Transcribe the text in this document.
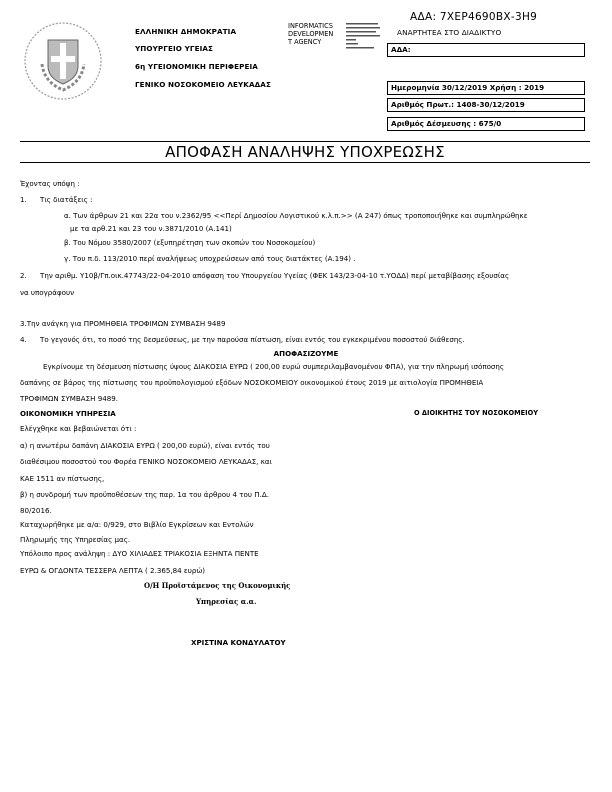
ΑΔΑ: 7ΧΕΡ4690ΒΧ-3Η9
ΕΛΛΗΝΙΚΗ ΔΗΜΟΚΡΑΤΙΑ
ΥΠΟΥΡΓΕΙΟ ΥΓΕΙΑΣ
6η ΥΓΕΙΟΝΟΜΙΚΗ ΠΕΡΙΦΕΡΕΙΑ
ΓΕΝΙΚΟ ΝΟΣΟΚΟΜΕΙΟ ΛΕΥΚΑΔΑΣ
INFORMATICS
DEVELOPMEN
T AGENCY
ΑΝΑΡΤΗΤΕΑ ΣΤΟ ΔΙΑΔΙΚΤΥΟ
ΑΔΑ:
Ημερομηνία 30/12/2019 Χρήση : 2019
Αριθμός Πρωτ.: 1408-30/12/2019
Αριθμός Δέσμευσης : 675/0
ΑΠΟΦΑΣΗ ΑΝΑΛΗΨΗΣ ΥΠΟΧΡΕΩΣΗΣ
Έχοντας υπόψη :
1. Τις διατάξεις :
α. Των άρθρων 21 και 22α του ν.2362/95 <<Περί Δημοσίου Λογιστικού κ.λ.π.>> (Α 247) όπως τροποποιήθηκε και συμπληρώθηκε
με τα αρθ.21 και 23 του ν.3871/2010 (Α.141)
β. Του Νόμου 3580/2007 (εξυπηρέτηση των σκοπών του Νοσοκομείου)
γ. Του π.δ. 113/2010 περί αναλήψεως υποχρεώσεων από τους διατάκτες (Α.194) .
2. Την αριθμ. Υ10β/Γπ.οικ.47743/22-04-2010 απόφαση του Υπουργείου Υγείας (ΦΕΚ 143/23-04-10 τ.ΥΟΔΔ) περί μεταβίβασης εξουσίας
να υπογράφουν
3.Την ανάγκη για ΠΡΟΜΗΘΕΙΑ ΤΡΟΦΙΜΩΝ ΣΥΜΒΑΣΗ 9489
4. Το γεγονός ότι, το ποσό της δεσμεύσεως, με την παρούσα πίστωση, είναι εντός του εγκεκριμένου ποσοστού διάθεσης.
ΑΠΟΦΑΣΙΖΟΥΜΕ
Εγκρίνουμε τη δέσμευση πίστωσης ύψους ΔΙΑΚΟΣΙΑ ΕΥΡΩ ( 200,00 ευρώ συμπεριλαμβανομένου ΦΠΑ), για την πληρωμή ισόποσης
δαπάνης σε βάρος της πίστωσης του προϋπολογισμού εξόδων ΝΟΣΟΚΟΜΕΙΟΥ οικονομικού έτους 2019 με αιτιολογία ΠΡΟΜΗΘΕΙΑ
ΤΡΟΦΙΜΩΝ ΣΥΜΒΑΣΗ 9489.
ΟΙΚΟΝΟΜΙΚΗ ΥΠΗΡΕΣΙΑ	Ο ΔΙΟΙΚΗΤΗΣ ΤΟΥ ΝΟΣΟΚΟΜΕΙΟΥ
Ελέγχθηκε και βεβαιώνεται ότι :
α) η ανωτέρω δαπάνη ΔΙΑΚΟΣΙΑ ΕΥΡΩ ( 200,00 ευρώ), είναι εντός του
διαθέσιμου ποσοστού του Φορέα ΓΕΝΙΚΟ ΝΟΣΟΚΟΜΕΙΟ ΛΕΥΚΑΔΑΣ, και
ΚΑΕ 1511 αν πίστωσης,
β) η συνδρομή των προϋποθέσεων της παρ. 1α του άρθρου 4 του Π.Δ.
80/2016.
Καταχωρήθηκε με α/α: 0/929, στο Βιβλίο Εγκρίσεων και Εντολών
Πληρωμής της Υπηρεσίας μας.
Υπόλοιπο προς ανάληψη : ΔΥΟ ΧΙΛΙΑΔΕΣ ΤΡΙΑΚΟΣΙΑ ΕΞΗΝΤΑ ΠΕΝΤΕ
ΕΥΡΩ & ΟΓΔΟΝΤΑ ΤΕΣΣΕΡΑ ΛΕΠΤΑ ( 2.365,84 ευρώ)
Ο/Η Προϊστάμενος της Οικονομικής
Υπηρεσίας α.α.
ΧΡΙΣΤΙΝΑ ΚΟΝΔΥΛΑΤΟΥ
